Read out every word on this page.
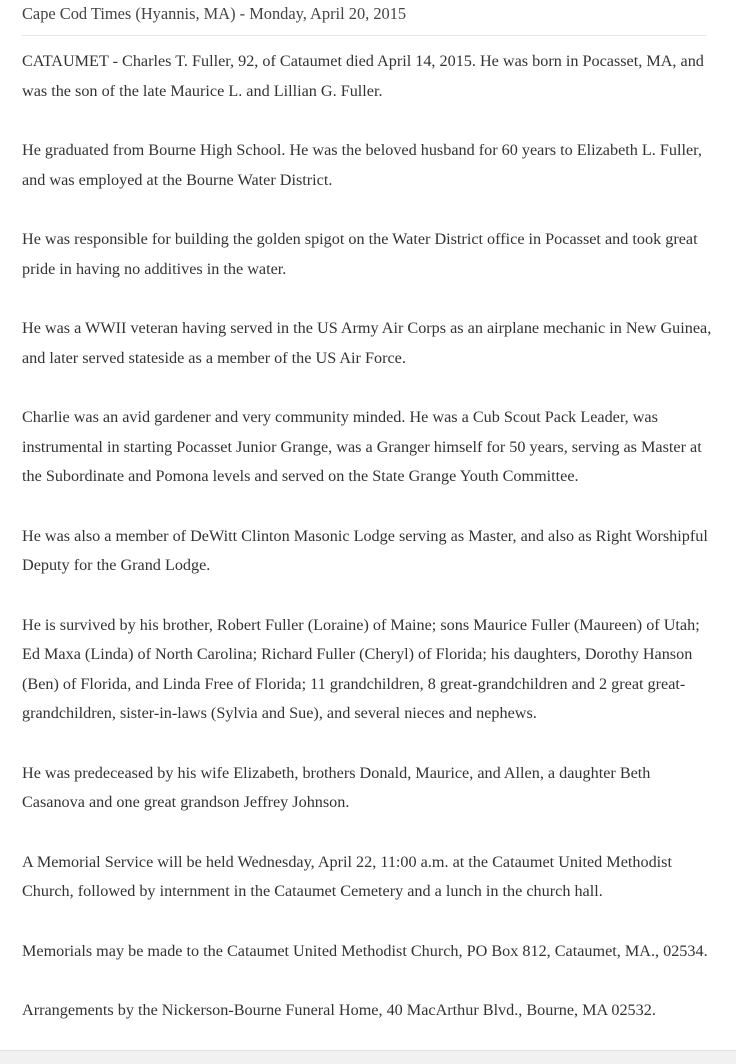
Cape Cod Times (Hyannis, MA) - Monday, April 20, 2015

CATAUMET - Charles T. Fuller, 92, of Cataumet died April 14, 2015. He was born in Pocasset, MA, and was the son of the late Maurice L. and Lillian G. Fuller.

He graduated from Bourne High School. He was the beloved husband for 60 years to Elizabeth L. Fuller, and was employed at the Bourne Water District.

He was responsible for building the golden spigot on the Water District office in Pocasset and took great pride in having no additives in the water.

He was a WWII veteran having served in the US Army Air Corps as an airplane mechanic in New Guinea, and later served stateside as a member of the US Air Force.

Charlie was an avid gardener and very community minded. He was a Cub Scout Pack Leader, was instrumental in starting Pocasset Junior Grange, was a Granger himself for 50 years, serving as Master at the Subordinate and Pomona levels and served on the State Grange Youth Committee.

He was also a member of DeWitt Clinton Masonic Lodge serving as Master, and also as Right Worshipful Deputy for the Grand Lodge.

He is survived by his brother, Robert Fuller (Loraine) of Maine; sons Maurice Fuller (Maureen) of Utah; Ed Maxa (Linda) of North Carolina; Richard Fuller (Cheryl) of Florida; his daughters, Dorothy Hanson (Ben) of Florida, and Linda Free of Florida; 11 grandchildren, 8 great-grandchildren and 2 great great-grandchildren, sister-in-laws (Sylvia and Sue), and several nieces and nephews.

He was predeceased by his wife Elizabeth, brothers Donald, Maurice, and Allen, a daughter Beth Casanova and one great grandson Jeffrey Johnson.

A Memorial Service will be held Wednesday, April 22, 11:00 a.m. at the Cataumet United Methodist Church, followed by internment in the Cataumet Cemetery and a lunch in the church hall.

Memorials may be made to the Cataumet United Methodist Church, PO Box 812, Cataumet, MA., 02534.

Arrangements by the Nickerson-Bourne Funeral Home, 40 MacArthur Blvd., Bourne, MA 02532.
